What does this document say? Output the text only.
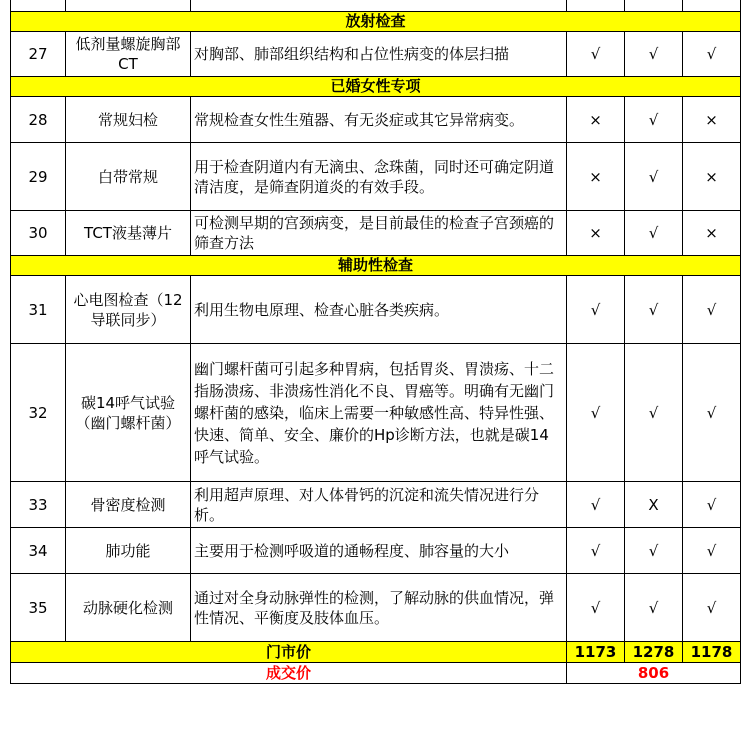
放射检查					
27	低剂量螺旋胸部CT	对胸部、肺部组织结构和占位性病变的体层扫描	√	√	√
已婚女性专项					
28	常规妇检	常规检查女性生殖器、有无炎症或其它异常病变。	×	√	×
29	白带常规	用于检查阴道内有无滴虫、念珠菌，同时还可确定阴道清洁度，是筛查阴道炎的有效手段。	×	√	×
30	TCT液基薄片	可检测早期的宫颈病变，是目前最佳的检查子宫颈癌的筛查方法	×	√	×
辅助性检查					
31	心电图检查（12导联同步）	利用生物电原理、检查心脏各类疾病。	√	√	√
32	碳14呼气试验（幽门螺杆菌）	幽门螺杆菌可引起多种胃病，包括胃炎、胃溃疡、十二指肠溃疡、非溃疡性消化不良、胃癌等。明确有无幽门螺杆菌的感染，临床上需要一种敏感性高、特异性强、快速、简单、安全、廉价的Hp诊断方法，也就是碳14呼气试验。	√	√	√
33	骨密度检测	利用超声原理、对人体骨钙的沉淀和流失情况进行分析。	√	X	√
34	肺功能	主要用于检测呼吸道的通畅程度、肺容量的大小	√	√	√
35	动脉硬化检测	通过对全身动脉弹性的检测，了解动脉的供血情况，弹性情况、平衡度及肢体血压。	√	√	√
门市价			1173	1278	1178
成交价			806		
